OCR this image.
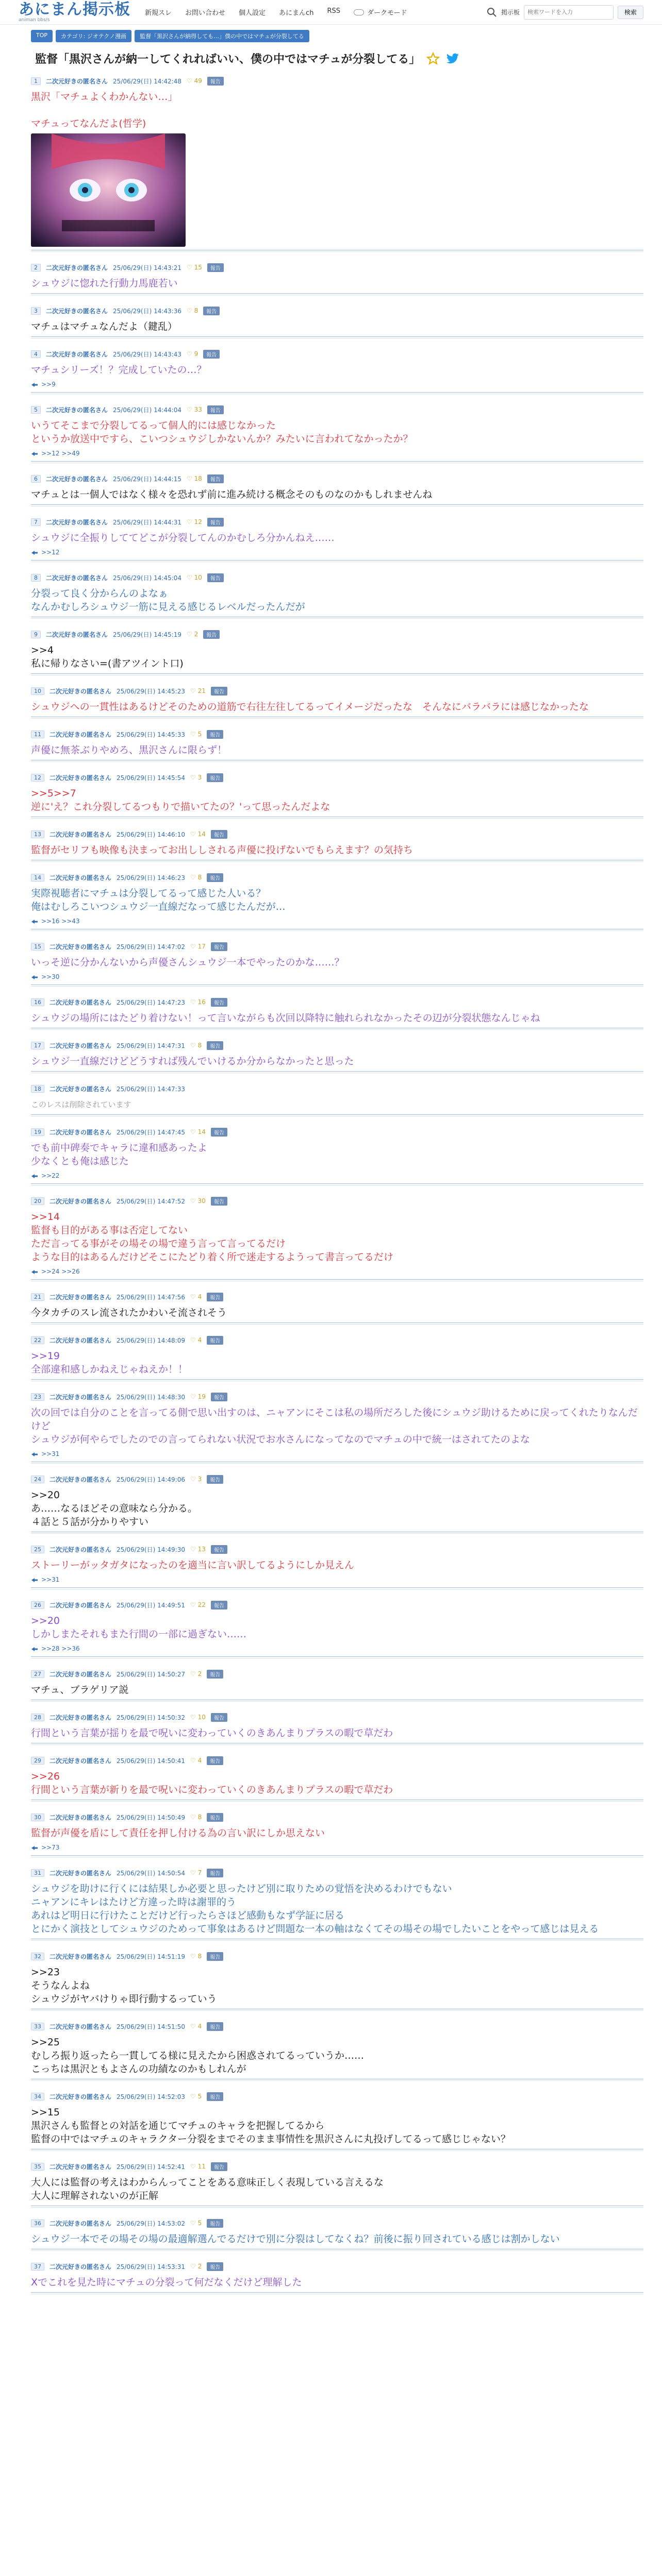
あにまん掲示板
animan bbs/s
新規スレ お問い合わせ 個人設定 あにまんch RSS	ダークモード	掲示板
検索ワードを入力	検索
TOP	カテゴリ: ジオテクノ漫画	監督「黒沢さんが納得しても…」僕の中ではマチュが分裂してる
監督「黒沢さんが納一してくれればいい、僕の中ではマチュが分裂してる」
1	二次元好きの匿名さん 25/06/29(日) 14:42:48 ♡ 49	報告
黒沢「マチュよくわかんない…」

マチュってなんだよ(哲学)
2	二次元好きの匿名さん 25/06/29(日) 14:43:21 ♡ 15	報告
シュウジに惚れた行動力馬鹿若い
3	二次元好きの匿名さん 25/06/29(日) 14:43:36 ♡ 8	報告
マチュはマチュなんだよ（鍵乱）
4	二次元好きの匿名さん 25/06/29(日) 14:43:43 ♡ 9	報告
マチュシリーズ！？完成していたの…？
>>9
5	二次元好きの匿名さん 25/06/29(日) 14:44:04 ♡ 33	報告
いうてそこまで分裂してるって個人的には感じなかった
というか放送中ですら、こいつシュウジしかないんか？みたいに言われてなかったか？
>>12 >>49
6	二次元好きの匿名さん 25/06/29(日) 14:44:15 ♡ 18	報告
マチュとは一個人ではなく様々を恐れず前に進み続ける概念そのものなのかもしれませんね
7	二次元好きの匿名さん 25/06/29(日) 14:44:31 ♡ 12	報告
シュウジに全振りしててどこが分裂してんのかむしろ分かんねえ……
>>12
8	二次元好きの匿名さん 25/06/29(日) 14:45:04 ♡ 10	報告
分裂って良く分からんのよなぁ
なんかむしろシュウジ一筋に見える感じるレベルだったんだが
9	二次元好きの匿名さん 25/06/29(日) 14:45:19 ♡ 2	報告
>>4
私に帰りなさい=(書アツイント口)
10	二次元好きの匿名さん 25/06/29(日) 14:45:23 ♡ 21	報告
シュウジへの一貫性はあるけどそのための道筋で右往左往してるってイメージだったな　そんなにバラバラには感じなかったな
11	二次元好きの匿名さん 25/06/29(日) 14:45:33 ♡ 5	報告
声優に無茶ぶりやめろ、黒沢さんに限らず！
12	二次元好きの匿名さん 25/06/29(日) 14:45:54 ♡ 3	報告
>>5>>7
逆に'え？これ分裂してるつもりで描いてたの？'って思ったんだよな
13	二次元好きの匿名さん 25/06/29(日) 14:46:10 ♡ 14	報告
監督がセリフも映像も決まってお出ししされる声優に投げないでもらえます？の気持ち
14	二次元好きの匿名さん 25/06/29(日) 14:46:23 ♡ 8	報告
実際視聴者にマチュは分裂してるって感じた人いる？
俺はむしろこいつシュウジ一直線だなって感じたんだが…
>>16 >>43
15	二次元好きの匿名さん 25/06/29(日) 14:47:02 ♡ 17	報告
いっそ逆に分かんないから声優さんシュウジ一本でやったのかな……？
>>30
16	二次元好きの匿名さん 25/06/29(日) 14:47:23 ♡ 16	報告
シュウジの場所にはたどり着けない！って言いながらも次回以降特に触れられなかったその辺が分裂状態なんじゃね
17	二次元好きの匿名さん 25/06/29(日) 14:47:31 ♡ 8	報告
シュウジ一直線だけどどうすれば残んでいけるか分からなかったと思った
18	二次元好きの匿名さん 25/06/29(日) 14:47:33
このレスは削除されています
19	二次元好きの匿名さん 25/06/29(日) 14:47:45 ♡ 14	報告
でも前中碑奏でキャラに違和感あったよ
少なくとも俺は感じた
>>22
20	二次元好きの匿名さん 25/06/29(日) 14:47:52 ♡ 30	報告
>>14
監督も目的がある事は否定してない
ただ言ってる事がその場その場で違う言って言ってるだけ
ような目的はあるんだけどそこにたどり着く所で迷走するようって書言ってるだけ
>>24 >>26
21	二次元好きの匿名さん 25/06/29(日) 14:47:56 ♡ 4	報告
今タカチのスレ流されたかわいそ流されそう
22	二次元好きの匿名さん 25/06/29(日) 14:48:09 ♡ 4	報告
>>19
全部違和感しかねえじゃねえか！！
23	二次元好きの匿名さん 25/06/29(日) 14:48:30 ♡ 19	報告
次の回では自分のことを言ってる側で思い出すのは、ニャアンにそこは私の場所だろした後にシュウジ助けるために戻ってくれたりなんだけど
シュウジが何やらでしたのでの言ってられない状況でお水さんになってなのでマチュの中で統一はされてたのよな
>>31
24	二次元好きの匿名さん 25/06/29(日) 14:49:06 ♡ 3	報告
>>20
あ……なるほどその意味なら分かる。
４話と５話が分かりやすい
25	二次元好きの匿名さん 25/06/29(日) 14:49:30 ♡ 13	報告
ストーリーがッタガタになったのを適当に言い訳してるようにしか見えん
>>31
26	二次元好きの匿名さん 25/06/29(日) 14:49:51 ♡ 22	報告
>>20
しかしまたそれもまた行間の一部に過ぎない……
>>28 >>36
27	二次元好きの匿名さん 25/06/29(日) 14:50:27 ♡ 2	報告
マチュ、ブラゲリア説
28	二次元好きの匿名さん 25/06/29(日) 14:50:32 ♡ 10	報告
行間という言葉が揺りを最で呪いに変わっていくのきあんまりプラスの暇で草だわ
29	二次元好きの匿名さん 25/06/29(日) 14:50:41 ♡ 4	報告
>>26
行間という言葉が新りを最で呪いに変わっていくのきあんまりプラスの暇で草だわ
30	二次元好きの匿名さん 25/06/29(日) 14:50:49 ♡ 8	報告
監督が声優を盾にして責任を押し付ける為の言い訳にしか思えない
>>73
31	二次元好きの匿名さん 25/06/29(日) 14:50:54 ♡ 7	報告
シュウジを助けに行くには結果しか必要と思ったけど別に取りための覚悟を決めるわけでもない
ニャアンにキレはたけど方違った時は謝罪的う
あれはど明日に行けたことだけど行ったらさほど感動もなず学証に居る
とにかく演技としてシュウジのためって事象はあるけど問題な一本の軸はなくてその場その場でしたいことをやって感じは見える
32	二次元好きの匿名さん 25/06/29(日) 14:51:19 ♡ 8	報告
>>23
そうなんよね
シュウジがヤバけりゃ即行動するっていう
33	二次元好きの匿名さん 25/06/29(日) 14:51:50 ♡ 4	報告
>>25
むしろ振り返ったら一貫してる様に見えたから困惑されてるっていうか……
こっちは黒沢ともよさんの功績なのかもしれんが
34	二次元好きの匿名さん 25/06/29(日) 14:52:03 ♡ 5	報告
>>15
黒沢さんも監督との対話を通じてマチュのキャラを把握してるから
監督の中ではマチュのキャラクター分裂をまでそのまま事情性を黒沢さんに丸投げしてるって感じじゃない？
35	二次元好きの匿名さん 25/06/29(日) 14:52:41 ♡ 11	報告
大人には監督の考えはわからんってことをある意味正しく表現している言えるな
大人に理解されないのが正解
36	二次元好きの匿名さん 25/06/29(日) 14:53:02 ♡ 5	報告
シュウジ一本でその場その場の最適解選んでるだけで別に分裂はしてなくね？前後に振り回されている感じは割かしない
37	二次元好きの匿名さん 25/06/29(日) 14:53:31 ♡ 2	報告
Xでこれを見た時にマチュの分裂って何だなくだけど理解した
